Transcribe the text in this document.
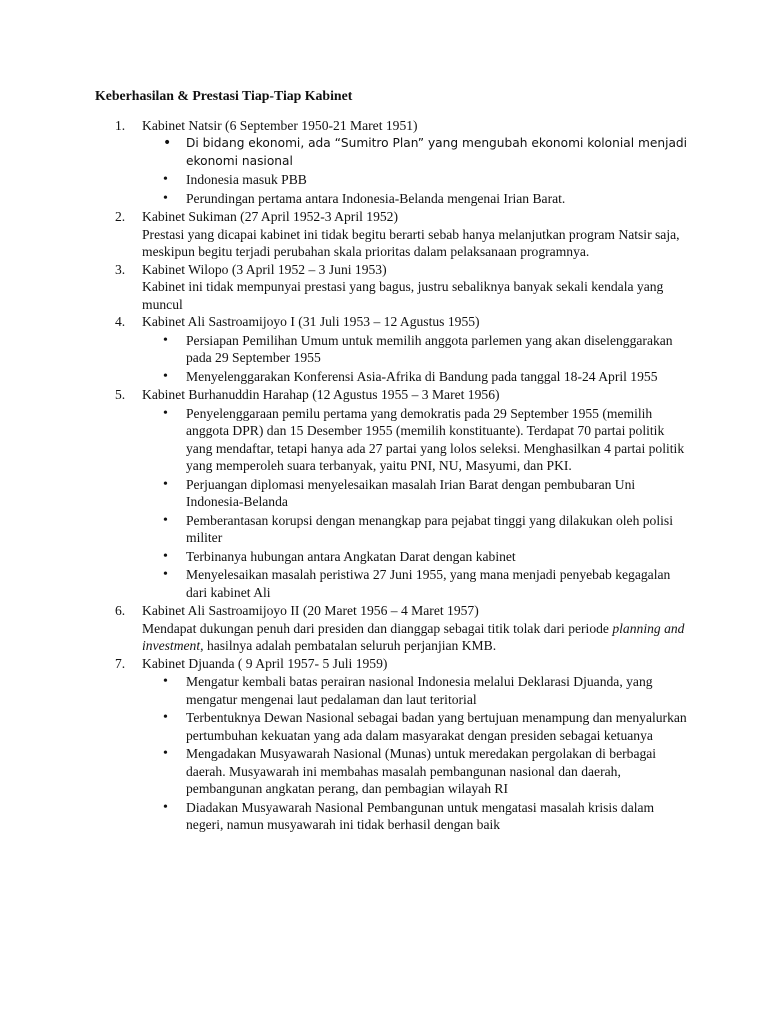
Keberhasilan & Prestasi Tiap-Tiap Kabinet
1. Kabinet Natsir (6 September 1950-21 Maret 1951)
• Di bidang ekonomi, ada “Sumitro Plan” yang mengubah ekonomi kolonial menjadi ekonomi nasional
• Indonesia masuk PBB
• Perundingan pertama antara Indonesia-Belanda mengenai Irian Barat.
2. Kabinet Sukiman (27 April 1952-3 April 1952)
Prestasi yang dicapai kabinet ini tidak begitu berarti sebab hanya melanjutkan program Natsir saja, meskipun begitu terjadi perubahan skala prioritas dalam pelaksanaan programnya.
3. Kabinet Wilopo (3 April 1952 – 3 Juni 1953)
Kabinet ini tidak mempunyai prestasi yang bagus, justru sebaliknya banyak sekali kendala yang muncul
4. Kabinet Ali Sastroamijoyo I (31 Juli 1953 – 12 Agustus 1955)
• Persiapan Pemilihan Umum untuk memilih anggota parlemen yang akan diselenggarakan pada 29 September 1955
• Menyelenggarakan Konferensi Asia-Afrika di Bandung pada tanggal 18-24 April 1955
5. Kabinet Burhanuddin Harahap (12 Agustus 1955 – 3 Maret 1956)
• Penyelenggaraan pemilu pertama yang demokratis pada 29 September 1955 (memilih anggota DPR) dan 15 Desember 1955 (memilih konstituante). Terdapat 70 partai politik yang mendaftar, tetapi hanya ada 27 partai yang lolos seleksi. Menghasilkan 4 partai politik yang memperoleh suara terbanyak, yaitu PNI, NU, Masyumi, dan PKI.
• Perjuangan diplomasi menyelesaikan masalah Irian Barat dengan pembubaran Uni Indonesia-Belanda
• Pemberantasan korupsi dengan menangkap para pejabat tinggi yang dilakukan oleh polisi militer
• Terbinanya hubungan antara Angkatan Darat dengan kabinet
• Menyelesaikan masalah peristiwa 27 Juni 1955, yang mana menjadi penyebab kegagalan dari kabinet Ali
6. Kabinet Ali Sastroamijoyo II (20 Maret 1956 – 4 Maret 1957)
Mendapat dukungan penuh dari presiden dan dianggap sebagai titik tolak dari periode planning and investment, hasilnya adalah pembatalan seluruh perjanjian KMB.
7. Kabinet Djuanda ( 9 April 1957- 5 Juli 1959)
• Mengatur kembali batas perairan nasional Indonesia melalui Deklarasi Djuanda, yang mengatur mengenai laut pedalaman dan laut teritorial
• Terbentuknya Dewan Nasional sebagai badan yang bertujuan menampung dan menyalurkan pertumbuhan kekuatan yang ada dalam masyarakat dengan presiden sebagai ketuanya
• Mengadakan Musyawarah Nasional (Munas) untuk meredakan pergolakan di berbagai daerah. Musyawarah ini membahas masalah pembangunan nasional dan daerah, pembangunan angkatan perang, dan pembagian wilayah RI
• Diadakan Musyawarah Nasional Pembangunan untuk mengatasi masalah krisis dalam negeri, namun musyawarah ini tidak berhasil dengan baik
